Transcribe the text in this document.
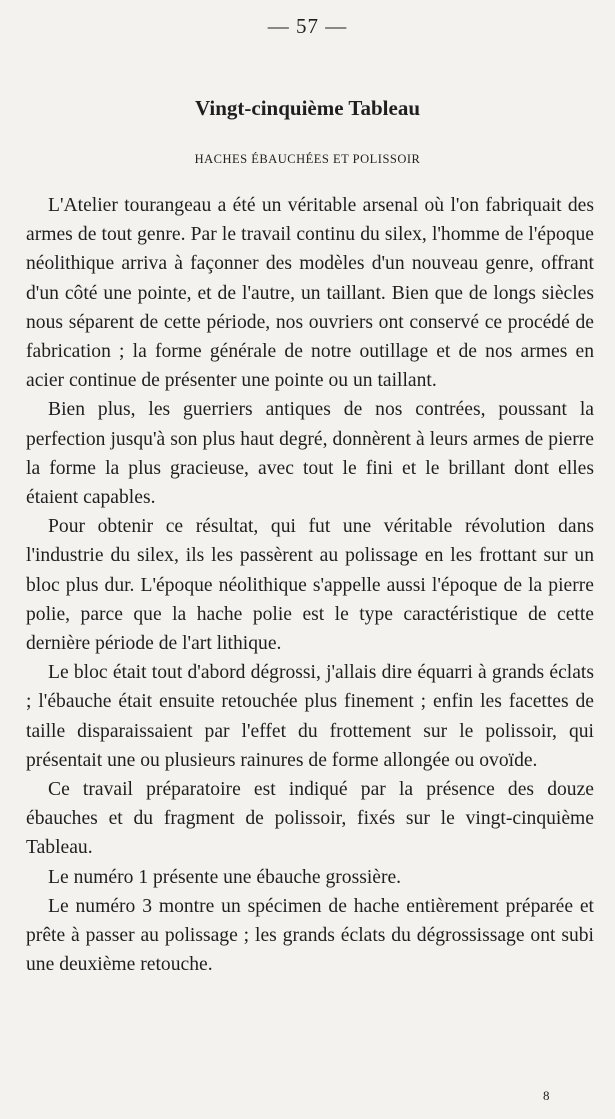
— 57 —
Vingt-cinquième Tableau
HACHES ÉBAUCHÉES ET POLISSOIR

L'Atelier tourangeau a été un véritable arsenal où l'on fabriquait des armes de tout genre. Par le travail continu du silex, l'homme de l'époque néolithique arriva à façonner des modèles d'un nouveau genre, offrant d'un côté une pointe, et de l'autre, un taillant. Bien que de longs siècles nous séparent de cette période, nos ouvriers ont conservé ce procédé de fabrication ; la forme générale de notre outillage et de nos armes en acier continue de présenter une pointe ou un taillant.

Bien plus, les guerriers antiques de nos contrées, poussant la perfection jusqu'à son plus haut degré, donnèrent à leurs armes de pierre la forme la plus gracieuse, avec tout le fini et le brillant dont elles étaient capables.

Pour obtenir ce résultat, qui fut une véritable révolution dans l'industrie du silex, ils les passèrent au polissage en les frottant sur un bloc plus dur. L'époque néolithique s'appelle aussi l'époque de la pierre polie, parce que la hache polie est le type caractéristique de cette dernière période de l'art lithique.

Le bloc était tout d'abord dégrossi, j'allais dire équarri à grands éclats ; l'ébauche était ensuite retouchée plus finement ; enfin les facettes de taille disparaissaient par l'effet du frottement sur le polissoir, qui présentait une ou plusieurs rainures de forme allongée ou ovoïde.

Ce travail préparatoire est indiqué par la présence des douze ébauches et du fragment de polissoir, fixés sur le vingt-cinquième Tableau.

Le numéro 1 présente une ébauche grossière.

Le numéro 3 montre un spécimen de hache entièrement préparée et prête à passer au polissage ; les grands éclats du dégrossissage ont subi une deuxième retouche.

8
